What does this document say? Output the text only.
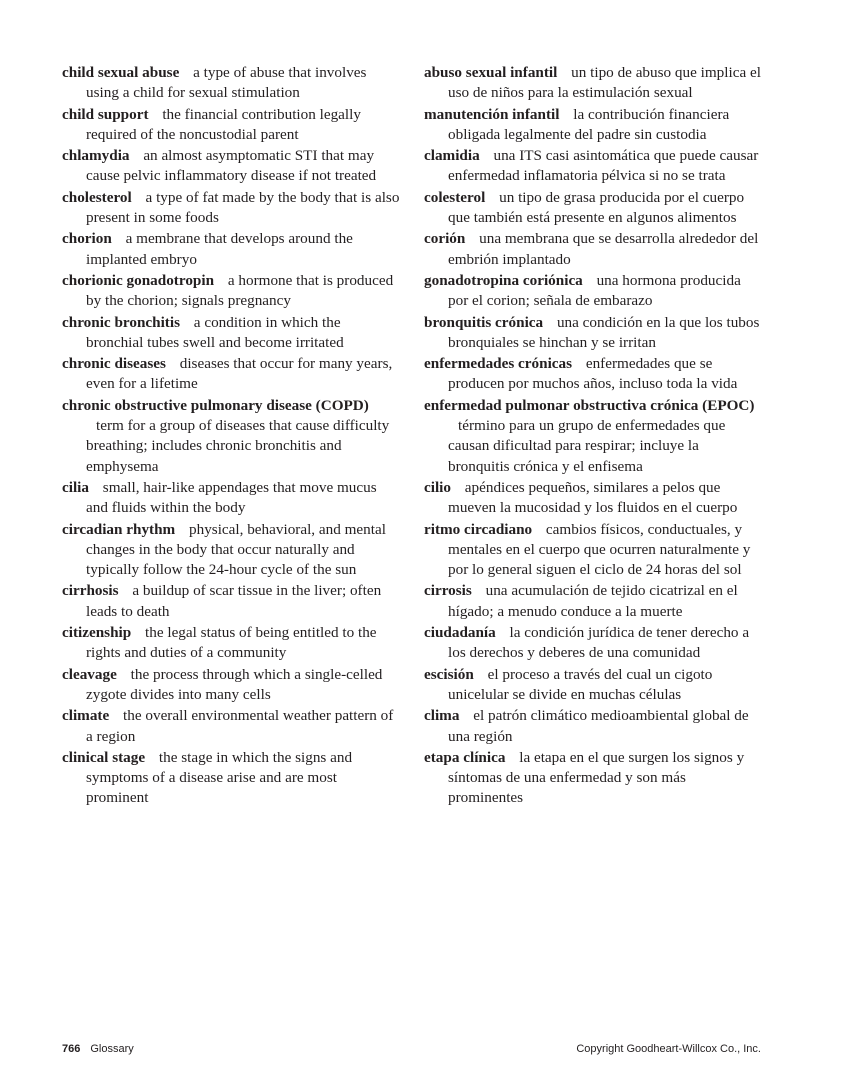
child sexual abuse a type of abuse that involves using a child for sexual stimulation
abuso sexual infantil un tipo de abuso que implica el uso de niños para la estimulación sexual
child support the financial contribution legally required of the noncustodial parent
manutención infantil la contribución financiera obligada legalmente del padre sin custodia
chlamydia an almost asymptomatic STI that may cause pelvic inflammatory disease if not treated
clamidia una ITS casi asintomática que puede causar enfermedad inflamatoria pélvica si no se trata
cholesterol a type of fat made by the body that is also present in some foods
colesterol un tipo de grasa producida por el cuerpo que también está presente en algunos alimentos
chorion a membrane that develops around the implanted embryo
corión una membrana que se desarrolla alrededor del embrión implantado
chorionic gonadotropin a hormone that is produced by the chorion; signals pregnancy
gonadotropina coriónica una hormona producida por el corion; señala de embarazo
chronic bronchitis a condition in which the bronchial tubes swell and become irritated
bronquitis crónica una condición en la que los tubos bronquiales se hinchan y se irritan
chronic diseases diseases that occur for many years, even for a lifetime
enfermedades crónicas enfermedades que se producen por muchos años, incluso toda la vida
chronic obstructive pulmonary disease (COPD) term for a group of diseases that cause difficulty breathing; includes chronic bronchitis and emphysema
enfermedad pulmonar obstructiva crónica (EPOC) término para un grupo de enfermedades que causan dificultad para respirar; incluye la bronquitis crónica y el enfisema
cilia small, hair-like appendages that move mucus and fluids within the body
cilio apéndices pequeños, similares a pelos que mueven la mucosidad y los fluidos en el cuerpo
circadian rhythm physical, behavioral, and mental changes in the body that occur naturally and typically follow the 24-hour cycle of the sun
ritmo circadiano cambios físicos, conductuales, y mentales en el cuerpo que ocurren naturalmente y por lo general siguen el ciclo de 24 horas del sol
cirrhosis a buildup of scar tissue in the liver; often leads to death
cirrosis una acumulación de tejido cicatrizal en el hígado; a menudo conduce a la muerte
citizenship the legal status of being entitled to the rights and duties of a community
ciudadanía la condición jurídica de tener derecho a los derechos y deberes de una comunidad
cleavage the process through which a single-celled zygote divides into many cells
escisión el proceso a través del cual un cigoto unicelular se divide en muchas células
climate the overall environmental weather pattern of a region
clima el patrón climático medioambiental global de una región
clinical stage the stage in which the signs and symptoms of a disease arise and are most prominent
etapa clínica la etapa en el que surgen los signos y síntomas de una enfermedad y son más prominentes
766 Glossary	Copyright Goodheart-Willcox Co., Inc.
